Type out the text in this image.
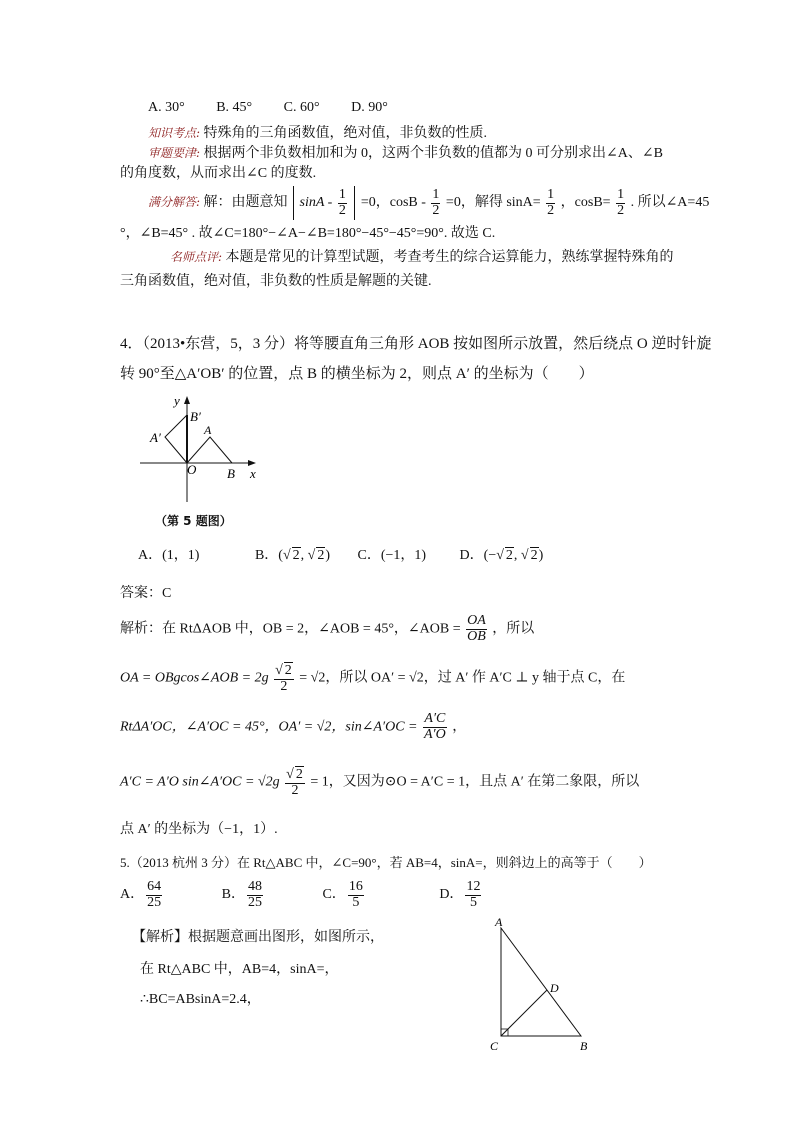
A. 30° B. 45° C. 60° D. 90°
知识考点: 特殊角的三角函数值，绝对值，非负数的性质.
审题要津: 根据两个非负数相加和为 0，这两个非负数的值都为 0 可分别求出∠A、∠B
的角度数，从而求出∠C 的度数.
满分解答: 解：由题意知 $\sin A - \frac{1}{2} =0$，$\cos B - \frac{1}{2} =0$，解得 $\sin A= \frac{1}{2}$ ，$\cos B= \frac{1}{2}$ . 所以∠A=45
°，∠B=45° . 故∠C=180°−∠A−∠B=180°−45°−45°=90°. 故选 C.
名师点评: 本题是常见的计算型试题，考查考生的综合运算能力，熟练掌握特殊角的
三角函数值，绝对值，非负数的性质是解题的关键.
4．（2013•东营，5，3 分）将等腰直角三角形 AOB 按如图所示放置，然后绕点 O 逆时针旋
转 90°至△A′OB′ 的位置，点 B 的横坐标为 2，则点 A′ 的坐标为（　　）
y
B′
A′	A
O B x
（第 5 题图）
A．(1，1)	B．(√ 2, √ 2) C．(−1，1) D．(−√ 2, √ 2)
答案：C
解析：在 RtΔAOB 中，OB = 2，∠AOB = 45°，∠AOB = $\frac{OA}{OB}$ ，所以
OA = OBgcos∠AOB = $2g \frac{√ 2}{2} = √2$，所以 OA′ = √2，过 A′ 作 A′C ⊥ y 轴于点 C，在
RtΔA′OC，∠A′OC = 45°，OA′ = √2，sin∠A′OC = $\frac{A'C}{A'O}$ ，
A′C = A′O sin∠A′OC = $√2g \frac{√ 2}{2} = 1$，又因为⊙O = A′C = 1，且点 A′ 在第二象限，所以
点 A′ 的坐标为（−1，1）.
5.（2013 杭州 3 分）在 Rt△ABC 中，∠C=90°，若 AB=4，sinA=，则斜边上的高等于（　　）
A． $\frac{64}{25}$	B． $\frac{48}{25}$	C． $\frac{16}{5}$	D． $\frac{12}{5}$
【解析】根据题意画出图形，如图所示，
在 Rt△ABC 中，AB=4，sinA=，
∴BC=ABsinA=2.4，
A
D
C	B
